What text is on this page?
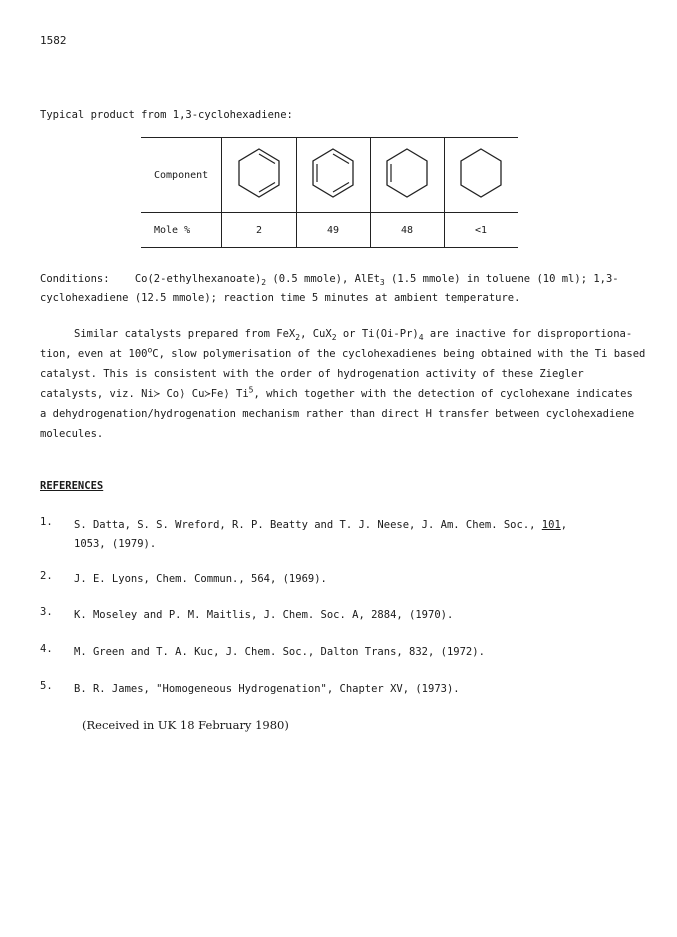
1582
Typical product from 1,3-cyclohexadiene:
Component
Mole %	2	49	48	<1
Conditions: $Co(2-ethylhexanoate)_2$ (0.5 mmole), AlEt$_3$ (1.5 mmole) in toluene (10 ml); 1,3-
cyclohexadiene (12.5 mmole); reaction time 5 minutes at ambient temperature.
Similar catalysts prepared from FeX$_2$, CuX$_2$ or $Ti(Oi-Pr)_4$ are inactive for disproportiona-
tion, even at 100$^o$C, slow polymerisation of the cyclohexadienes being obtained with the Ti based
catalyst. This is consistent with the order of hydrogenation activity of these Ziegler
catalysts, viz. Ni≻ Co⟩ Cu≻Fe⟩ Ti$^5$, which together with the detection of cyclohexane indicates
a dehydrogenation/hydrogenation mechanism rather than direct H transfer between cyclohexadiene
molecules.
REFERENCES
1. S. Datta, S. S. Wreford, R. P. Beatty and T. J. Neese, J. Am. Chem. Soc., 101,
1053, (1979).
2. J. E. Lyons, Chem. Commun., 564, (1969).
3. K. Moseley and P. M. Maitlis, J. Chem. Soc. A, 2884, (1970).
4. M. Green and T. A. Kuc, J. Chem. Soc., Dalton Trans, 832, (1972).
5. B. R. James, "Homogeneous Hydrogenation", Chapter XV, (1973).
(Received in UK 18 February 1980)
